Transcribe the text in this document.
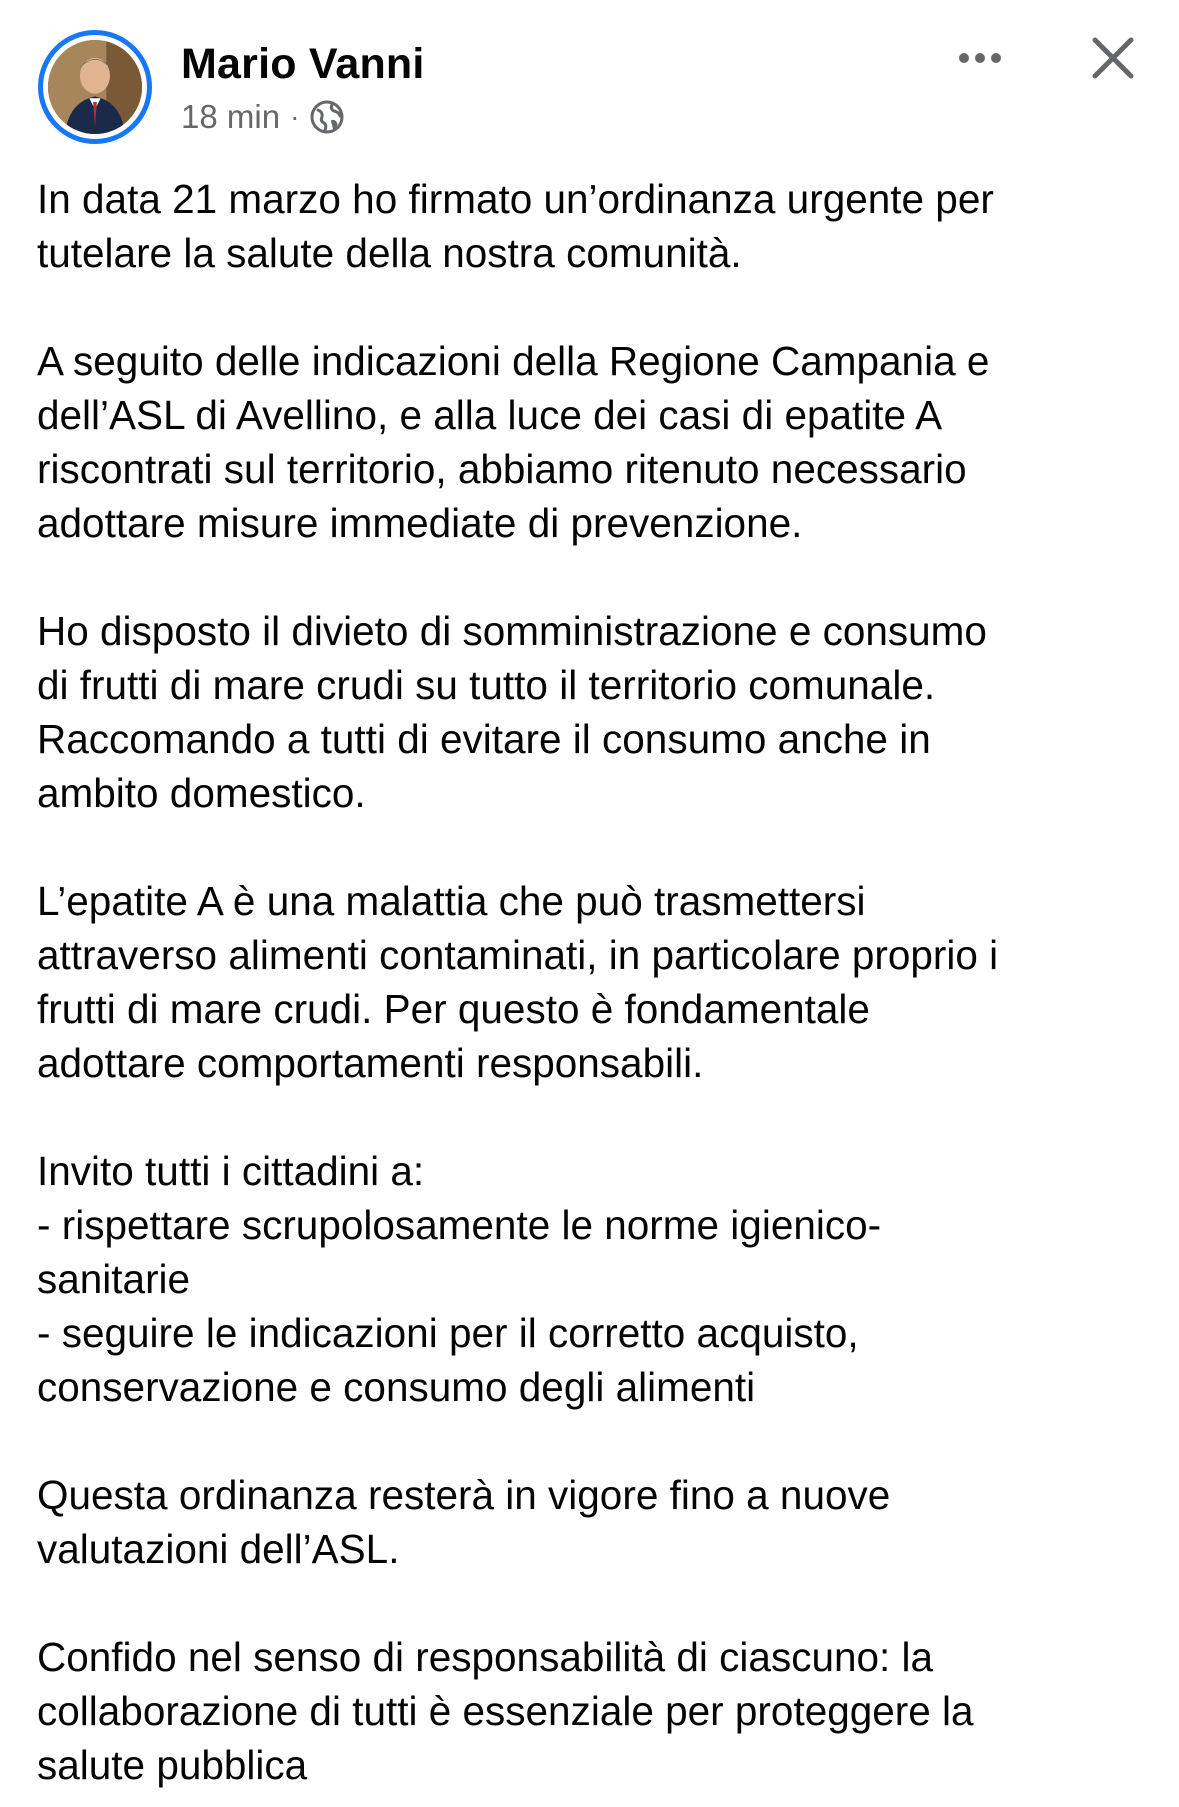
Mario Vanni
18 min ·

In data 21 marzo ho firmato un’ordinanza urgente per
tutelare la salute della nostra comunità.

A seguito delle indicazioni della Regione Campania e
dell’ASL di Avellino, e alla luce dei casi di epatite A
riscontrati sul territorio, abbiamo ritenuto necessario
adottare misure immediate di prevenzione.

Ho disposto il divieto di somministrazione e consumo
di frutti di mare crudi su tutto il territorio comunale.
Raccomando a tutti di evitare il consumo anche in
ambito domestico.

L’epatite A è una malattia che può trasmettersi
attraverso alimenti contaminati, in particolare proprio i
frutti di mare crudi. Per questo è fondamentale
adottare comportamenti responsabili.

Invito tutti i cittadini a:
- rispettare scrupolosamente le norme igienico-
sanitarie
- seguire le indicazioni per il corretto acquisto,
conservazione e consumo degli alimenti

Questa ordinanza resterà in vigore fino a nuove
valutazioni dell’ASL.

Confido nel senso di responsabilità di ciascuno: la
collaborazione di tutti è essenziale per proteggere la
salute pubblica
